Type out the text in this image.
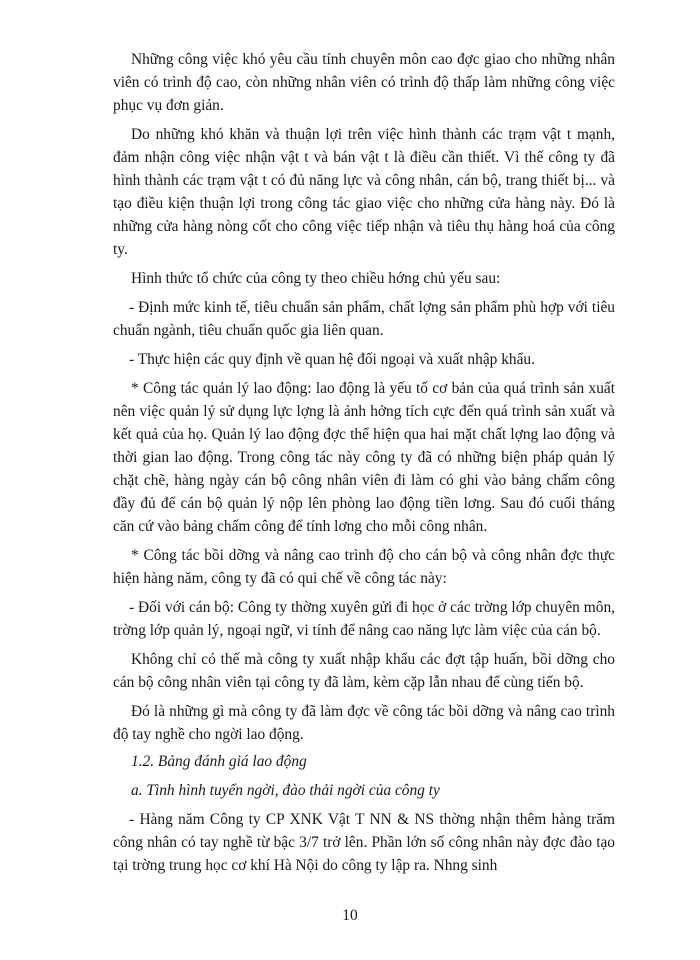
Những công việc khó yêu cầu tính chuyên môn cao đợc giao cho những nhân viên có trình độ cao, còn những nhân viên có trình độ thấp làm những công việc phục vụ đơn giản.

Do những khó khăn và thuận lợi trên việc hình thành các trạm vật t mạnh, đảm nhận công việc nhận vật t và bán vật t là điều cần thiết. Vì thế công ty đã hình thành các trạm vật t có đủ năng lực và công nhân, cán bộ, trang thiết bị... và tạo điều kiện thuận lợi trong công tác giao việc cho những cửa hàng này. Đó là những cửa hàng nòng cốt cho công việc tiếp nhận và tiêu thụ hàng hoá của công ty.

Hình thức tổ chức của công ty theo chiều hớng chủ yếu sau:

- Định mức kinh tế, tiêu chuẩn sản phẩm, chất lợng sản phẩm phù hợp với tiêu chuẩn ngành, tiêu chuẩn quốc gia liên quan.

- Thực hiện các quy định về quan hệ đối ngoại và xuất nhập khẩu.

* Công tác quản lý lao động: lao động là yếu tố cơ bản của quá trình sản xuất nên việc quản lý sử dụng lực lợng là ảnh hởng tích cực đến quá trình sản xuất và kết quả của họ. Quản lý lao động đợc thể hiện qua hai mặt chất lợng lao động và thời gian lao động. Trong công tác này công ty đã có những biện pháp quản lý chặt chẽ, hàng ngày cán bộ công nhân viên đi làm có ghi vào bảng chấm công đầy đủ để cán bộ quản lý nộp lên phòng lao động tiền lơng. Sau đó cuối tháng căn cứ vào bảng chấm công để tính lơng cho mỗi công nhân.

* Công tác bồi dỡng và nâng cao trình độ cho cán bộ và công nhân đợc thực hiện hàng năm, công ty đã có qui chế về công tác này:

- Đối với cán bộ: Công ty thờng xuyên gửi đi học ở các trờng lớp chuyên môn, trờng lớp quản lý, ngoại ngữ, vi tính để nâng cao năng lực làm việc của cán bộ.

Không chỉ có thế mà công ty xuất nhập khẩu các đợt tập huấn, bồi dỡng cho cán bộ công nhân viên tại công ty đã làm, kèm cặp lẫn nhau để cùng tiến bộ.

Đó là những gì mà công ty đã làm đợc về công tác bồi dỡng và nâng cao trình độ tay nghề cho ngời lao động.

1.2. Bảng đánh giá lao động

a. Tình hình tuyển ngời, đào thải ngời của công ty

- Hàng năm Công ty CP XNK Vật T NN & NS thờng nhận thêm hàng trăm công nhân có tay nghề từ bậc 3/7 trở lên. Phần lớn số công nhân này đợc đào tạo tại trờng trung học cơ khí Hà Nội do công ty lập ra. Nhng sinh

10
